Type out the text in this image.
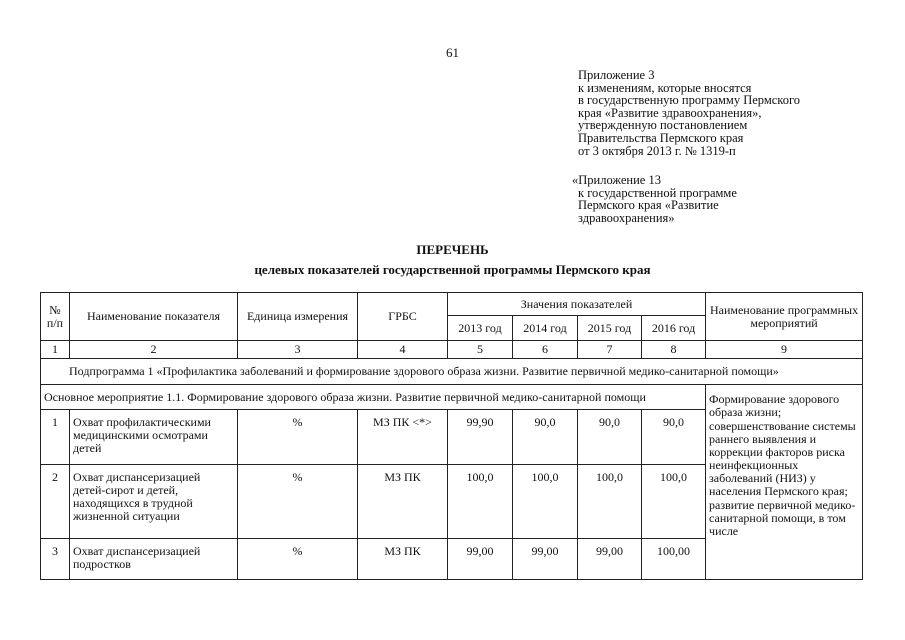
61
Приложение 3
к изменениям, которые вносятся
в государственную программу Пермского
края «Развитие здравоохранения»,
утвержденную постановлением
Правительства Пермского края
от 3 октября 2013 г. № 1319-п
«Приложение 13
к государственной программе
Пермского края «Развитие
здравоохранения»
ПЕРЕЧЕНЬ
целевых показателей государственной программы Пермского края
№ п/п	Наименование показателя	Единица измерения	ГРБС	Значения показателей				Наименование программных мероприятий
				2013 год	2014 год	2015 год	2016 год	
1	2	3	4	5	6	7	8	9
Подпрограмма 1 «Профилактика заболеваний и формирование здорового образа жизни. Развитие первичной медико-санитарной помощи»								
Основное мероприятие 1.1. Формирование здорового образа жизни. Развитие первичной медико-санитарной помощи								Формирование здорового образа жизни;
совершенствование системы раннего выявления и коррекции факторов риска неинфекционных заболеваний (НИЗ) у населения Пермского края;
развитие первичной медико-санитарной помощи, в том числе

1	Охват профилактическими медицинскими осмотрами детей	%	МЗ ПК <*>	99,90	90,0	90,0	90,0	
2	Охват диспансеризацией детей-сирот и детей, находящихся в трудной жизненной ситуации	%	МЗ ПК	100,0	100,0	100,0	100,0	
3	Охват диспансеризацией подростков	%	МЗ ПК	99,00	99,00	99,00	100,00	
